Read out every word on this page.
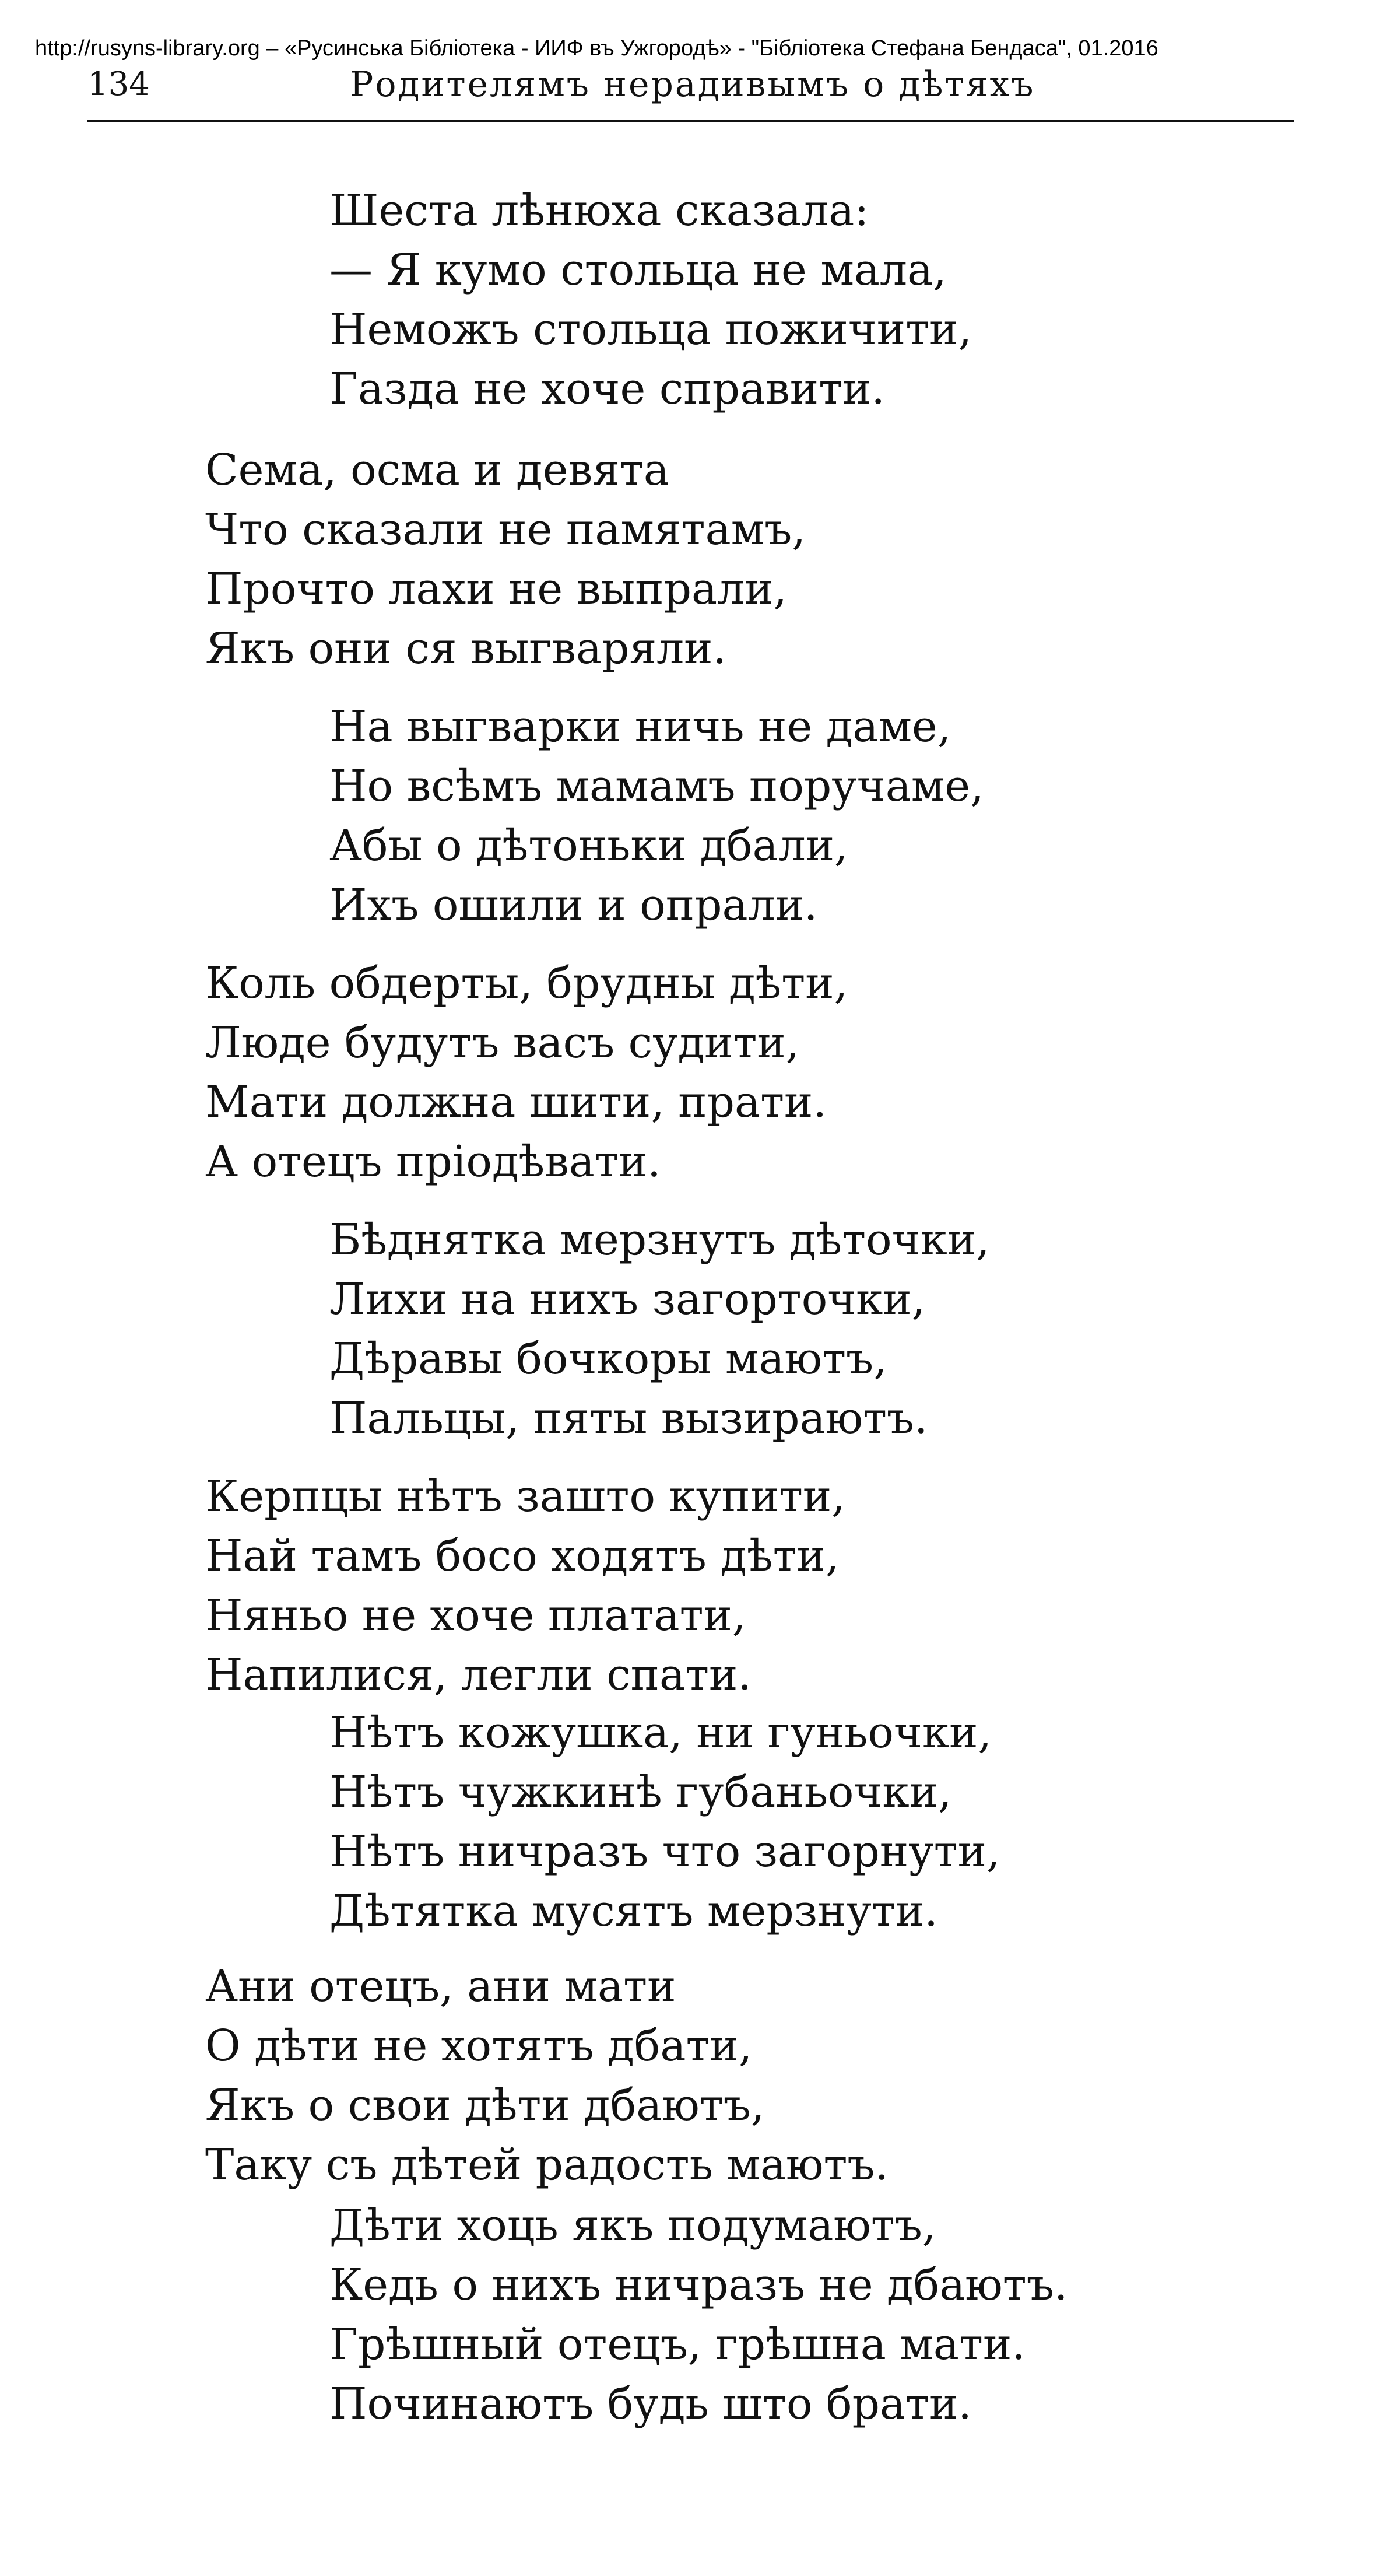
http://rusyns-library.org – «Русинська Бібліотека - ИИФ въ Ужгородѣ» - "Бібліотека Стефана Бендаса", 01.2016
134	Родителямъ нерадивымъ о дѣтяхъ
Шеста лѣнюха сказала:
— Я кумо стольца не мала,
Неможъ стольца пожичити,
Газда не хоче справити.
Сема, осма и девята
Что сказали не памятамъ,
Прочто лахи не выпрали,
Якъ они ся выгваряли.
На выгварки ничь не даме,
Но всѣмъ мамамъ поручаме,
Абы о дѣтоньки дбали,
Ихъ ошили и опрали.
Коль обдерты, брудны дѣти,
Люде будутъ васъ судити,
Мати должна шити, прати.
А отецъ пріодѣвати.
Бѣднятка мерзнутъ дѣточки,
Лихи на нихъ загорточки,
Дѣравы бочкоры маютъ,
Пальцы, пяты вызираютъ.
Керпцы нѣтъ зашто купити,
Най тамъ босо ходятъ дѣти,
Няньо не хоче платати,
Напилися, легли спати.
Нѣтъ кожушка, ни гуньочки,
Нѣтъ чужкинѣ губаньочки,
Нѣтъ ничразъ что загорнути,
Дѣтятка мусятъ мерзнути.
Ани отецъ, ани мати
О дѣти не хотятъ дбати,
Якъ о свои дѣти дбаютъ,
Таку съ дѣтей радость маютъ.
Дѣти хоць якъ подумаютъ,
Кедь о нихъ ничразъ не дбаютъ.
Грѣшный отецъ, грѣшна мати.
Починаютъ будь што брати.
